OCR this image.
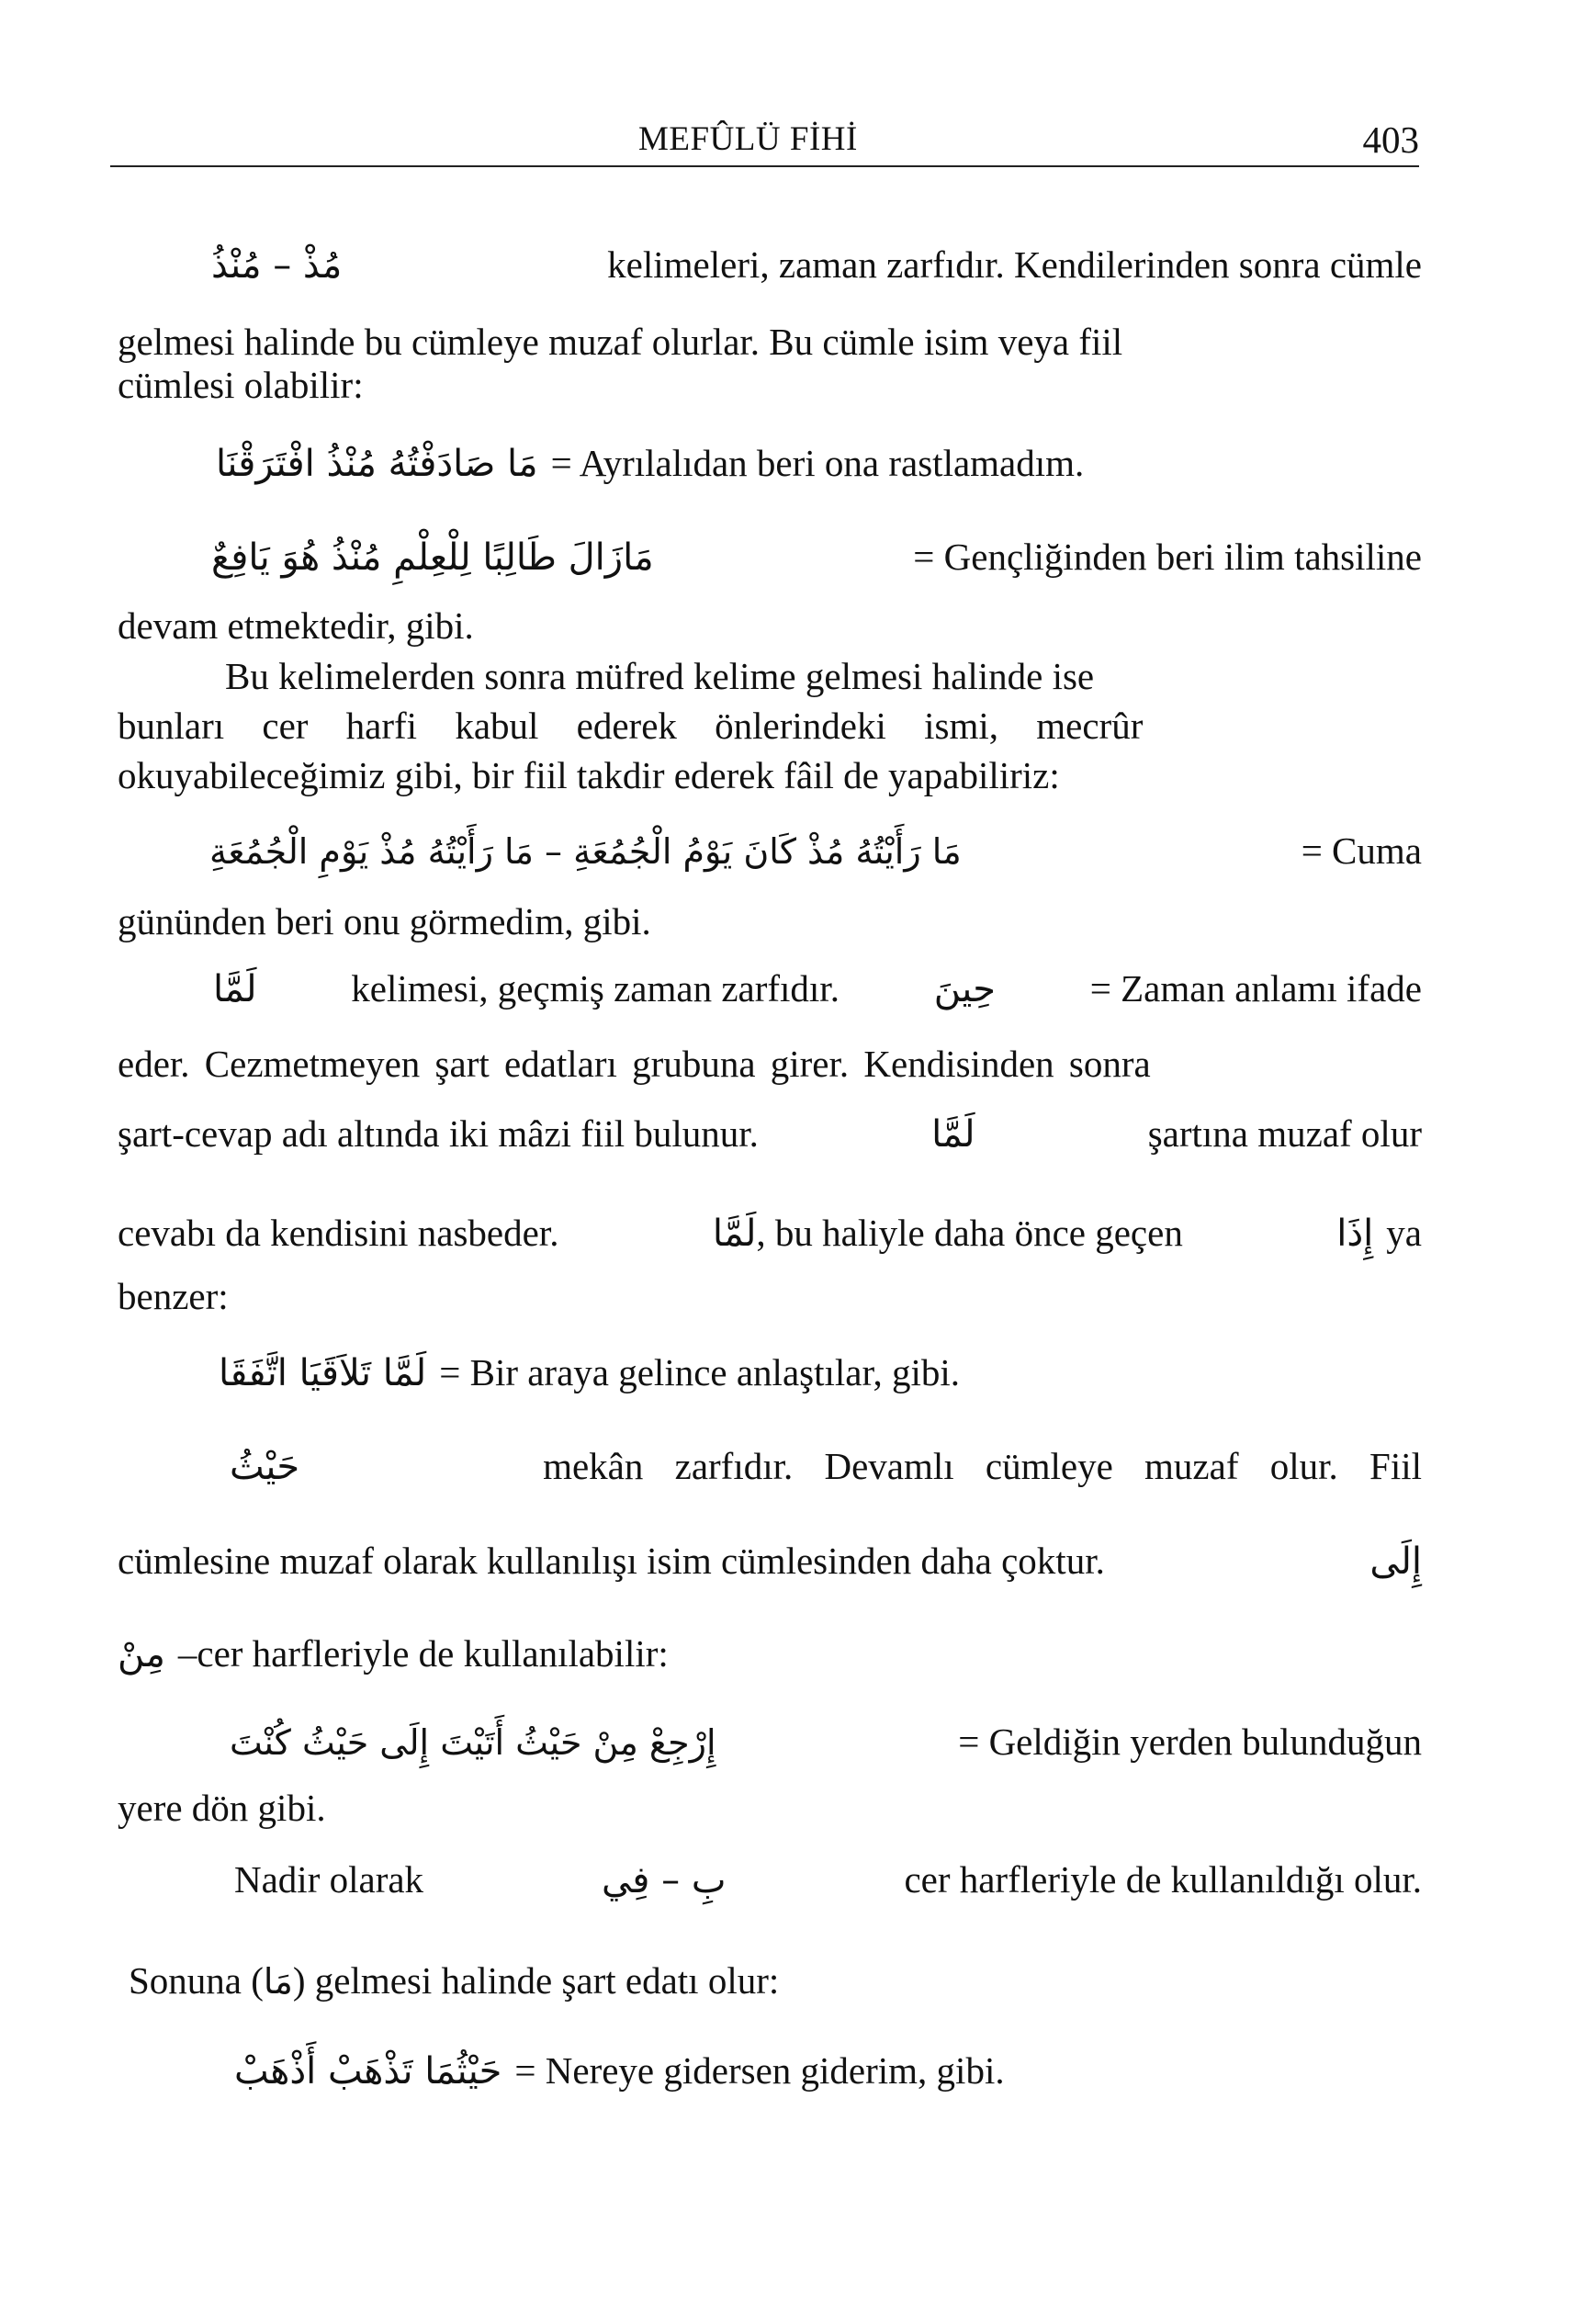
MEFÛLÜ FİHİ	403
مُذْ – مُنْذُ	kelimeleri, zaman zarfıdır. Kendilerinden sonra cümle
gelmesi halinde bu cümleye muzaf olurlar. Bu cümle isim veya fiil
cümlesi olabilir:
مَا صَادَفْتُهُ مُنْذُ افْتَرَقْنَا = Ayrılalıdan beri ona rastlamadım.
مَازَالَ طَالِبًا لِلْعِلْمِ مُنْذُ هُوَ يَافِعٌ	= Gençliğinden beri ilim tahsiline
devam etmektedir, gibi.
Bu kelimelerden sonra müfred kelime gelmesi halinde ise
bunları cer harfi kabul ederek önlerindeki ismi, mecrûr
okuyabileceğimiz gibi, bir fiil takdir ederek fâil de yapabiliriz:
مَا رَأَيْتُهُ مُذْ كَانَ يَوْمُ الْجُمُعَةِ – مَا رَأَيْتُهُ مُذْ يَوْمِ الْجُمُعَةِ	= Cuma
gününden beri onu görmedim, gibi.
لَمَّا	kelimesi, geçmiş zaman zarfıdır.	حِينَ	= Zaman anlamı ifade
eder. Cezmetmeyen şart edatları grubuna girer. Kendisinden sonra
şart-cevap adı altında iki mâzi fiil bulunur.	لَمَّا	şartına muzaf olur
cevabı da kendisini nasbeder.	لَمَّا , bu haliyle daha önce geçen	إِذَا ya
benzer:
لَمَّا تَلاَقَيَا اتَّفَقَا = Bir araya gelince anlaştılar, gibi.
حَيْثُ	mekân zarfıdır. Devamlı cümleye muzaf olur. Fiil
cümlesine muzaf olarak kullanılışı isim cümlesinden daha çoktur.	إِلَى
مِنْ –cer harfleriyle de kullanılabilir:
إِرْجِعْ مِنْ حَيْثُ أَتَيْتَ إِلَى حَيْثُ كُنْتَ	= Geldiğin yerden bulunduğun
yere dön gibi.
Nadir olarak	بِ – فِي	cer harfleriyle de kullanıldığı olur.
Sonuna ( مَا ) gelmesi halinde şart edatı olur:
حَيْثُمَا تَذْهَبْ أَذْهَبْ = Nereye gidersen giderim, gibi.
